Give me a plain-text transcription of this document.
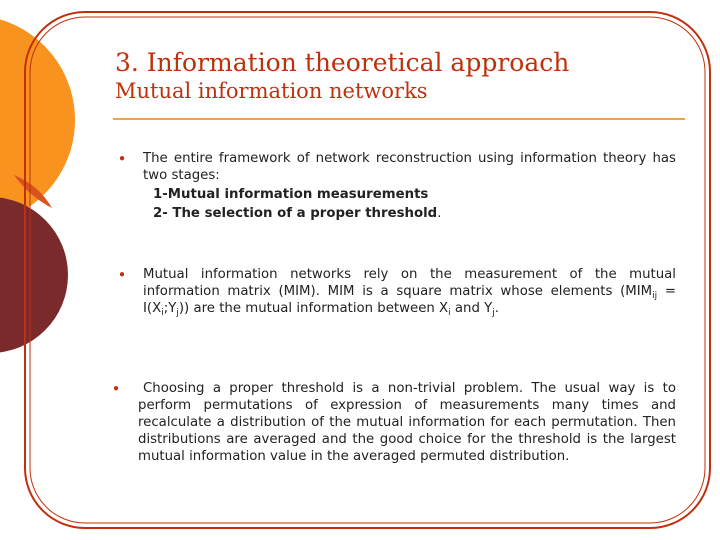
3. Information theoretical approach
Mutual information networks
● The entire framework of network reconstruction using information theory has two stages:
1-Mutual information measurements
2- The selection of a proper threshold.
● Mutual information networks rely on the measurement of the mutual information matrix (MIM). MIM is a square matrix whose elements ($MIM_{ij}$ = $I(X_i;Y_j)$) are the mutual information between $X_i$ and $Y_j$.
●	Choosing a proper threshold is a non-trivial problem. The usual way is to perform permutations of expression of measurements many times and recalculate a distribution of the mutual information for each permutation. Then distributions are averaged and the good choice for the threshold is the largest mutual information value in the averaged permuted distribution.
